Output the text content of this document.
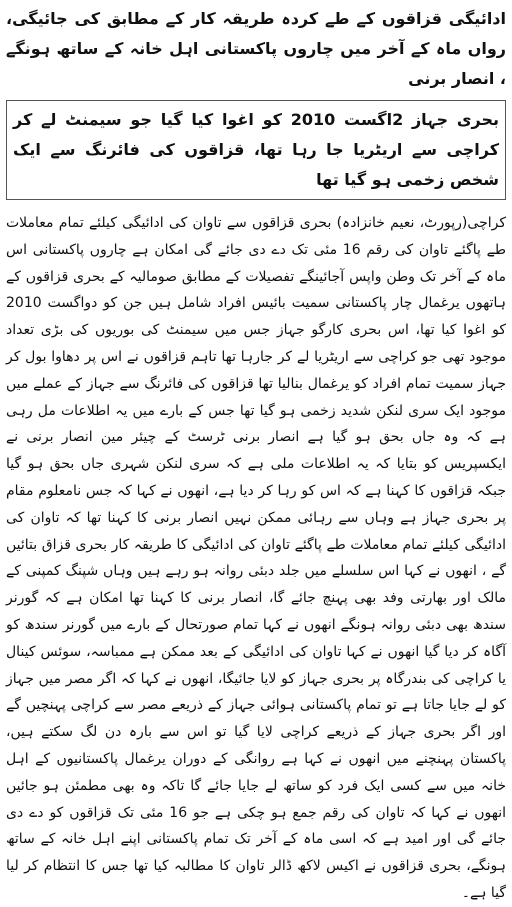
ادائیگی قزاقوں کے طے کردہ طریقہ کار کے مطابق کی جائیگی، رواں ماہ کے آخر میں چاروں پاکستانی اہل خانہ کے ساتھ ہونگے ، انصار برنی
بحری جہاز 2اگست 2010 کو اغوا کیا گیا جو سیمنٹ لے کر کراچی سے اریٹریا جا رہا تھا، قزاقوں کی فائرنگ سے ایک شخص زخمی ہو گیا تھا
کراچی(رپورٹ، نعیم خانزادہ) بحری قزاقوں سے تاوان کی ادائیگی کیلئے تمام معاملات طے پاگئے تاوان کی رقم 16 مئی تک دے دی جائے گی امکان ہے چاروں پاکستانی اس ماہ کے آخر تک وطن واپس آجائینگے تفصیلات کے مطابق صومالیہ کے بحری قزاقوں کے ہاتھوں یرغمال چار پاکستانی سمیت بائیس افراد شامل ہیں جن کو دواگست 2010 کو اغوا کیا تھا، اس بحری کارگو جہاز جس میں سیمنٹ کی بوریوں کی بڑی تعداد موجود تھی جو کراچی سے اریٹریا لے کر جارہا تھا تاہم قزاقوں نے اس پر دھاوا بول کر جہاز سمیت تمام افراد کو یرغمال بنالیا تھا قزاقوں کی فائرنگ سے جہاز کے عملے میں موجود ایک سری لنکن شدید زخمی ہو گیا تھا جس کے بارے میں یہ اطلاعات مل رہی ہے کہ وہ جاں بحق ہو گیا ہے انصار برنی ٹرسٹ کے چیئر مین انصار برنی نے ایکسپریس کو بتایا کہ یہ اطلاعات ملی ہے کہ سری لنکن شہری جاں بحق ہو گیا جبکہ قزاقوں کا کہنا ہے کہ اس کو رہا کر دیا ہے، انھوں نے کہا کہ جس نامعلوم مقام پر بحری جہاز ہے وہاں سے رہائی ممکن نہیں انصار برنی کا کہنا تھا کہ تاوان کی ادائیگی کیلئے تمام معاملات طے پاگئے تاوان کی ادائیگی کا طریقہ کار بحری قزاق بتائیں گے ، انھوں نے کہا اس سلسلے میں جلد دبئی روانہ ہو رہے ہیں وہاں شپنگ کمپنی کے مالک اور بھارتی وفد بھی پہنچ جائے گا، انصار برنی کا کہنا تھا امکان ہے کہ گورنر سندھ بھی دبئی روانہ ہونگے انھوں نے کہا تمام صورتحال کے بارے میں گورنر سندھ کو آگاہ کر دیا گیا انھوں نے کہا تاوان کی ادائیگی کے بعد ممکن ہے ممباسہ، سوئس کینال یا کراچی کی بندرگاہ پر بحری جہاز کو لایا جائیگا، انھوں نے کہا کہ اگر مصر میں جہاز کو لے جایا جاتا ہے تو تمام پاکستانی ہوائی جہاز کے ذریعے مصر سے کراچی پہنچیں گے اور اگر بحری جہاز کے ذریعے کراچی لایا گیا تو اس سے بارہ دن لگ سکتے ہیں، پاکستان پہنچنے میں انھوں نے کہا ہے روانگی کے دوران یرغمال پاکستانیوں کے اہل خانہ میں سے کسی ایک فرد کو ساتھ لے جایا جائے گا تاکہ وہ بھی مطمئن ہو جائیں انھوں نے کہا کہ تاوان کی رقم جمع ہو چکی ہے جو 16 مئی تک قزاقوں کو دے دی جائے گی اور امید ہے کہ اسی ماہ کے آخر تک تمام پاکستانی اپنے اہل خانہ کے ساتھ ہونگے، بحری قزاقوں نے اکیس لاکھ ڈالر تاوان کا مطالبہ کیا تھا جس کا انتظام کر لیا گیا ہے۔
